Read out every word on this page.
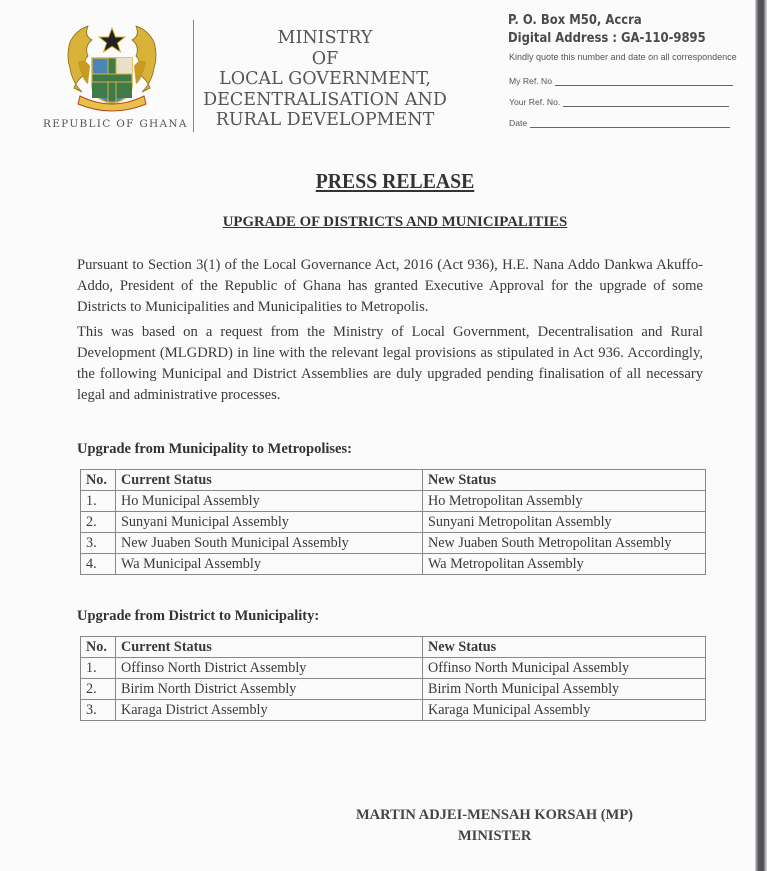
REPUBLIC OF GHANA
MINISTRY
OF
LOCAL GOVERNMENT,
DECENTRALISATION AND
RURAL DEVELOPMENT
P. O. Box M50, Accra
Digital Address : GA-110-9895
Kindly quote this number and date on all correspondence
My Ref. No
Your Ref. No.
Date
PRESS RELEASE
UPGRADE OF DISTRICTS AND MUNICIPALITIES
Pursuant to Section 3(1) of the Local Governance Act, 2016 (Act 936), H.E. Nana Addo Dankwa Akuffo-Addo, President of the Republic of Ghana has granted Executive Approval for the upgrade of some Districts to Municipalities and Municipalities to Metropolis.
This was based on a request from the Ministry of Local Government, Decentralisation and Rural Development (MLGDRD) in line with the relevant legal provisions as stipulated in Act 936. Accordingly, the following Municipal and District Assemblies are duly upgraded pending finalisation of all necessary legal and administrative processes.
Upgrade from Municipality to Metropolises:
No.	Current Status	New Status
1.	Ho Municipal Assembly	Ho Metropolitan Assembly
2.	Sunyani Municipal Assembly	Sunyani Metropolitan Assembly
3.	New Juaben South Municipal Assembly	New Juaben South Metropolitan Assembly
4.	Wa Municipal Assembly	Wa Metropolitan Assembly
Upgrade from District to Municipality:
No.	Current Status	New Status
1.	Offinso North District Assembly	Offinso North Municipal Assembly
2.	Birim North District Assembly	Birim North Municipal Assembly
3.	Karaga District Assembly	Karaga Municipal Assembly
MARTIN ADJEI-MENSAH KORSAH (MP)
MINISTER
